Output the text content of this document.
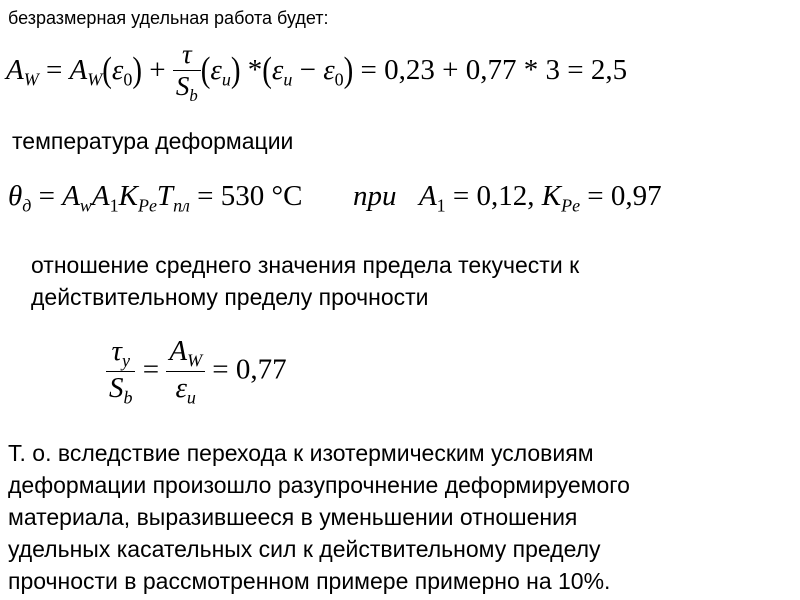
безразмерная удельная работа будет:
$A_W = A_W(\varepsilon_0) + \frac{\tau}{S_b} (\varepsilon_u) *(\varepsilon_u - \varepsilon_0) = 0,23 + 0,77 * 3 = 2,5$
температура деформации
$\theta_д = A_wA_1K_{Pe}T_{пл} = 530$ °C при $A_1 = 0,12$, $K_{Pe} = 0,97$
отношение среднего значения предела текучести к
действительному пределу прочности
$\frac{\tau_y}{S_b} = \frac{A_W}{\varepsilon_u} = 0,77$
Т. о. вследствие перехода к изотермическим условиям
деформации произошло разупрочнение деформируемого
материала, выразившееся в уменьшении отношения
удельных касательных сил к действительному пределу
прочности в рассмотренном примере примерно на 10%.
